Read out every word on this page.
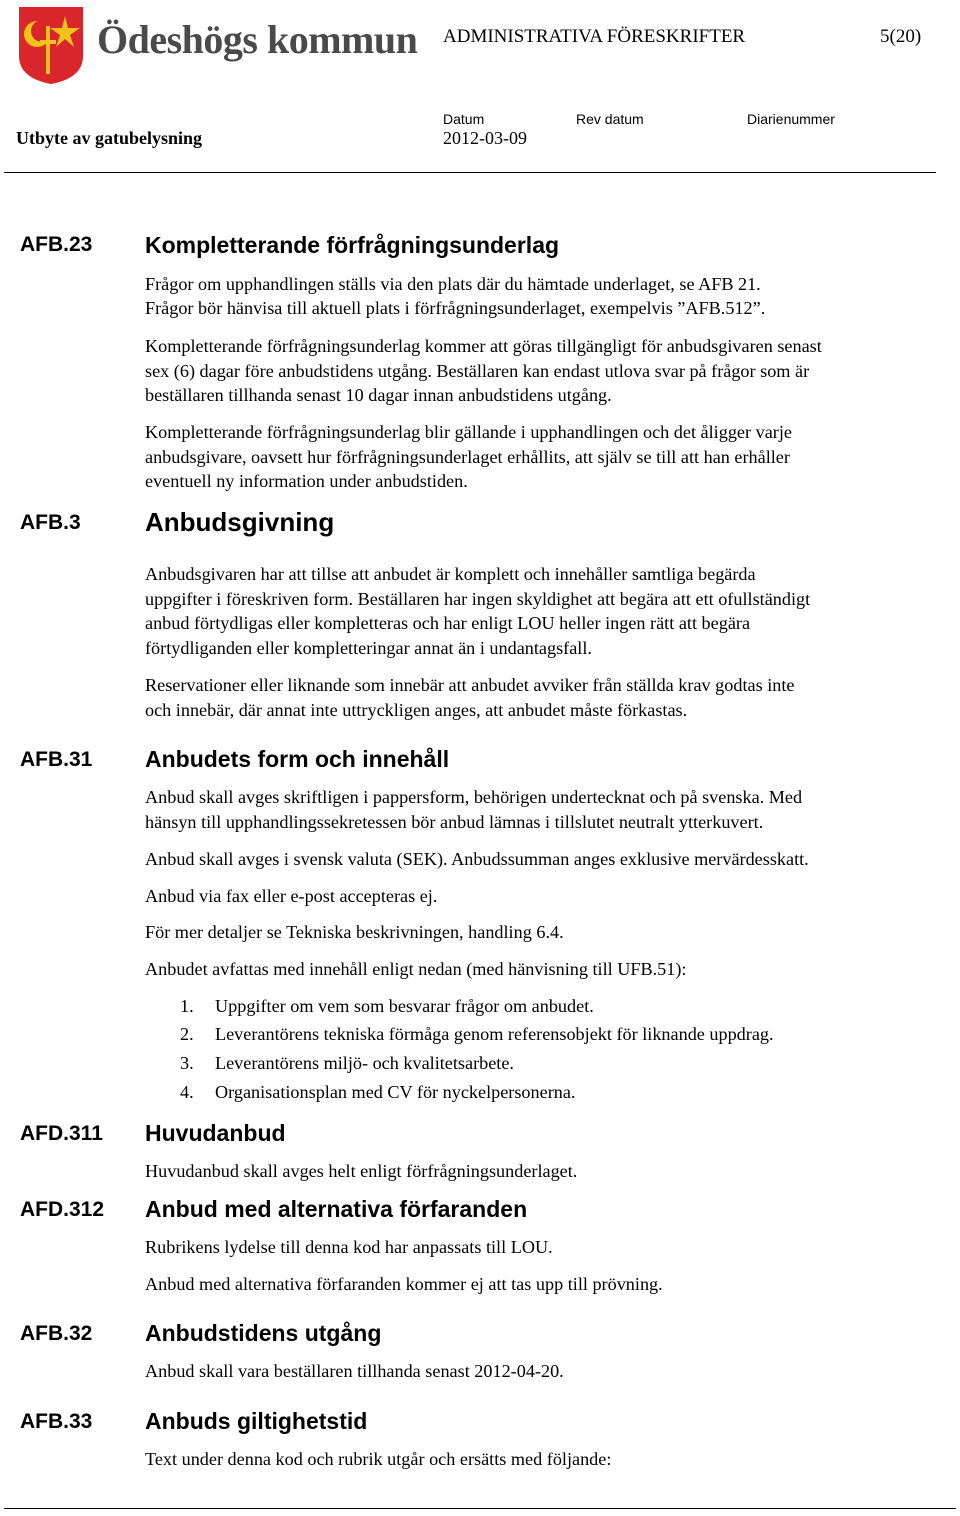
Ödeshögs kommun ADMINISTRATIVA FÖRESKRIFTER	5(20)
Utbyte av gatubelysning
Datum	Rev datum	Diarienummer
2012-03-09
AFB.23 Kompletterande förfrågningsunderlag
Frågor om upphandlingen ställs via den plats där du hämtade underlaget, se AFB 21.
Frågor bör hänvisa till aktuell plats i förfrågningsunderlaget, exempelvis ”AFB.512”.
Kompletterande förfrågningsunderlag kommer att göras tillgängligt för anbudsgivaren senast
sex (6) dagar före anbudstidens utgång. Beställaren kan endast utlova svar på frågor som är
beställaren tillhanda senast 10 dagar innan anbudstidens utgång.
Kompletterande förfrågningsunderlag blir gällande i upphandlingen och det åligger varje
anbudsgivare, oavsett hur förfrågningsunderlaget erhållits, att själv se till att han erhåller
eventuell ny information under anbudstiden.
AFB.3 Anbudsgivning
Anbudsgivaren har att tillse att anbudet är komplett och innehåller samtliga begärda
uppgifter i föreskriven form. Beställaren har ingen skyldighet att begära att ett ofullständigt
anbud förtydligas eller kompletteras och har enligt LOU heller ingen rätt att begära
förtydliganden eller kompletteringar annat än i undantagsfall.
Reservationer eller liknande som innebär att anbudet avviker från ställda krav godtas inte
och innebär, där annat inte uttryckligen anges, att anbudet måste förkastas.
AFB.31 Anbudets form och innehåll
Anbud skall avges skriftligen i pappersform, behörigen undertecknat och på svenska. Med
hänsyn till upphandlingssekretessen bör anbud lämnas i tillslutet neutralt ytterkuvert.
Anbud skall avges i svensk valuta (SEK). Anbudssumman anges exklusive mervärdesskatt.
Anbud via fax eller e-post accepteras ej.
För mer detaljer se Tekniska beskrivningen, handling 6.4.
Anbudet avfattas med innehåll enligt nedan (med hänvisning till UFB.51):
1. Uppgifter om vem som besvarar frågor om anbudet.
2. Leverantörens tekniska förmåga genom referensobjekt för liknande uppdrag.
3. Leverantörens miljö- och kvalitetsarbete.
4. Organisationsplan med CV för nyckelpersonerna.
AFD.311 Huvudanbud
Huvudanbud skall avges helt enligt förfrågningsunderlaget.
AFD.312 Anbud med alternativa förfaranden
Rubrikens lydelse till denna kod har anpassats till LOU.
Anbud med alternativa förfaranden kommer ej att tas upp till prövning.
AFB.32 Anbudstidens utgång
Anbud skall vara beställaren tillhanda senast 2012-04-20.
AFB.33 Anbuds giltighetstid
Text under denna kod och rubrik utgår och ersätts med följande:
